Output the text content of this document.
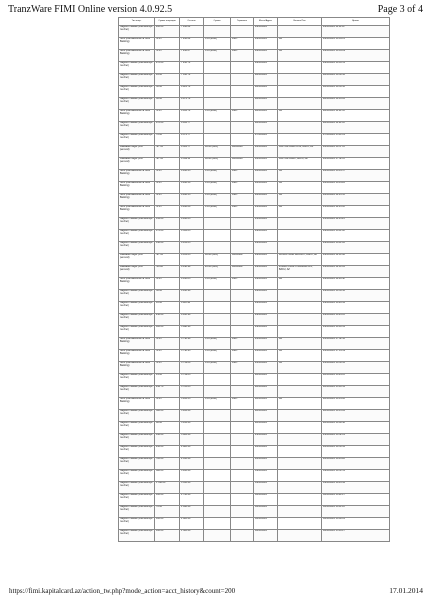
TranzWare FIMI Online version 4.0.92.5	Page 3 of 4
Тип опер.	Сумма операции	Остаток	Сумма	Терминал	Место/Адрес	Валюта/Тип	Время
Nağdsız mədaxil (Zachisleniye na chet)	200.00	7 446.62			29/06/2013		29/06/2013 11:32:11
SMS (tranzaktsiona na SMS Banking)	-0.05	7 246.62	0.05 (EUR)	D907	29/06/2013	AZ	29/06/2013 10:04:15
SMS (tranzaktsiona na SMS Banking)	-0.05	7 246.67	0.05 (EUR)	D907	29/06/2013	AZ	29/06/2013 10:04:09
Nağdsız mədaxil (Zachisleniye na chet)	270.00	7 246.72			29/06/2013		29/06/2013 10:03:51
Nağdsız mədaxil (Zachisleniye na chet)	95.00	7 016.72			28/06/2013		28/06/2013 18:38:36
Nağdsız mədaxil (Zachisleniye na chet)	50.00	6 921.72			28/06/2013		28/06/2013 18:36:50
Nağdsız mədaxil (Zachisleniye na chet)	30.00	6 871.72			28/06/2013		28/06/2013 14:16:03
SMS (tranzaktsiona na SMS Banking)	-0.05	6 841.72	0.05 (EUR)	D907	28/06/2013	AZ	28/06/2013 11:22:41
Nağdsız mədaxil (Zachisleniye na chet)	470.00	6 841.77			28/06/2013		28/06/2013 11:22:05
Nağdsız mədaxil (Zachisleniye na chet)	70.00	6 371.77			27/06/2013		27/06/2013 15:41:14
Kassadan nağdı (P2P perevod)	-97.34	6 301.77	96.00 (AZN)	90000320	26/06/2013	KAPITAL BANK ATM, BAKU, AZ	26/06/2013 18:57:11
Kassadan nağdı (P2P perevod)	-97.34	6 399.11	96.00 (AZN)	90000320	26/06/2013	KAPITAL BANK, BAKU, AZ	26/06/2013 17:52:11
SMS (tranzaktsiona na SMS Banking)	-0.05	6 496.45	0.05 (EUR)	D907	26/06/2013	AZ	26/06/2013 16:14:57
SMS (tranzaktsiona na SMS Banking)	-0.05	6 496.50	0.05 (EUR)	D907	26/06/2013	AZ	26/06/2013 16:14:20
SMS (tranzaktsiona na SMS Banking)	-0.05	6 496.55	0.05 (EUR)	D907	26/06/2013	AZ	26/06/2013 11:43:51
SMS (tranzaktsiona na SMS Banking)	-0.05	6 496.60	0.05 (EUR)	D907	25/06/2013	AZ	25/06/2013 11:43:45
Nağdsız mədaxil (Zachisleniye na chet)	132.00	6 496.65			25/06/2013		25/06/2013 11:43:21
Nağdsız mədaxil (Zachisleniye na chet)	173.00	6 364.65			24/06/2013		24/06/2013 16:11:06
Nağdsız mədaxil (Zachisleniye na chet)	140.00	6 191.65			24/06/2013		24/06/2013 16:11:04
Kassadan nağdı (P2P perevod)	-97.34	6 051.65	96.00 (AZN)	90000901	24/06/2013	MOLLA ISGIR BRANCH, BAKU, AZ	24/06/2013 12:41:08
Kassadan nağdı (P2P perevod)	-19.86	6 148.99	20.00 (AZN)	90000901	24/06/2013	INSAATCILAR CHARMANTAN, BAKU, AZ	24/06/2013 12:41:03
SMS (tranzaktsiona na SMS Banking)	-0.05	6 168.85	0.05 (EUR)	D907	24/06/2013	AZ	24/06/2013 11:08:58
Nağdsız mədaxil (Zachisleniye na chet)	50.00	6 168.90			24/06/2013		24/06/2013 10:36:56
Nağdsız mədaxil (Zachisleniye na chet)	10.00	6 118.90			24/06/2013		24/06/2013 10:26:32
Nağdsız mədaxil (Zachisleniye na chet)	210.00	6 108.90			24/06/2013		24/06/2013 10:23:11
Nağdsız mədaxil (Zachisleniye na chet)	180.00	5 898.90			24/06/2013		24/06/2013 10:18:41
SMS (tranzaktsiona na SMS Banking)	-0.05	5 718.90	0.05 (EUR)	D907	23/06/2013	AZ	23/06/2013 17:32:56
SMS (tranzaktsiona na SMS Banking)	-0.05	5 718.95	0.05 (EUR)	D907	23/06/2013	AZ	23/06/2013 17:14:39
SMS (tranzaktsiona na SMS Banking)	-0.05	5 719.00	0.05 (EUR)	D907	23/06/2013	AZ	23/06/2013 16:50:33
Nağdsız mədaxil (Zachisleniye na chet)	14.00	5 719.05			22/06/2013		22/06/2013 16:24:11
Nağdsız mədaxil (Zachisleniye na chet)	242.70	5 705.05			22/06/2013		22/06/2013 13:18:54
SMS (tranzaktsiona na SMS Banking)	-0.05	5 462.35	0.05 (EUR)	D907	22/06/2013	AZ	22/06/2013 10:14:00
Nağdsız mədaxil (Zachisleniye na chet)	300.00	5 462.40			22/06/2013		22/06/2013 10:13:02
Nağdsız mədaxil (Zachisleniye na chet)	80.00	5 162.40			22/06/2013		22/06/2013 10:08:58
Nağdsız mədaxil (Zachisleniye na chet)	196.00	5 082.40			21/06/2013		21/06/2013 16:52:01
Nağdsız mədaxil (Zachisleniye na chet)	230.00	4 886.40			20/06/2013		20/06/2013 18:50:32
Nağdsız mədaxil (Zachisleniye na chet)	720.00	4 656.40			20/06/2013		20/06/2013 18:43:28
Nağdsız mədaxil (Zachisleniye na chet)	600.00	3 936.40			19/06/2013		19/06/2013 18:51:51
Nağdsız mədaxil (Zachisleniye na chet)	1 540.00	3 336.40			19/06/2013		19/06/2013 18:45:44
Nağdsız mədaxil (Zachisleniye na chet)	100.00	1 796.40			18/06/2013		18/06/2013 16:22:27
Nağdsız mədaxil (Zachisleniye na chet)	70.00	1 696.40			18/06/2013		18/06/2013 16:11:16
Nağdsız mədaxil (Zachisleniye na chet)	100.00	1 626.40			18/06/2013		18/06/2013 16:08:12
Nağdsız mədaxil (Zachisleniye na chet)	100.00	1 526.40			18/06/2013		18/06/2013 15:46:27
https://fimi.kapitalcard.az/action_tw.php?mode_action=acct_history&count=200	17.01.2014
